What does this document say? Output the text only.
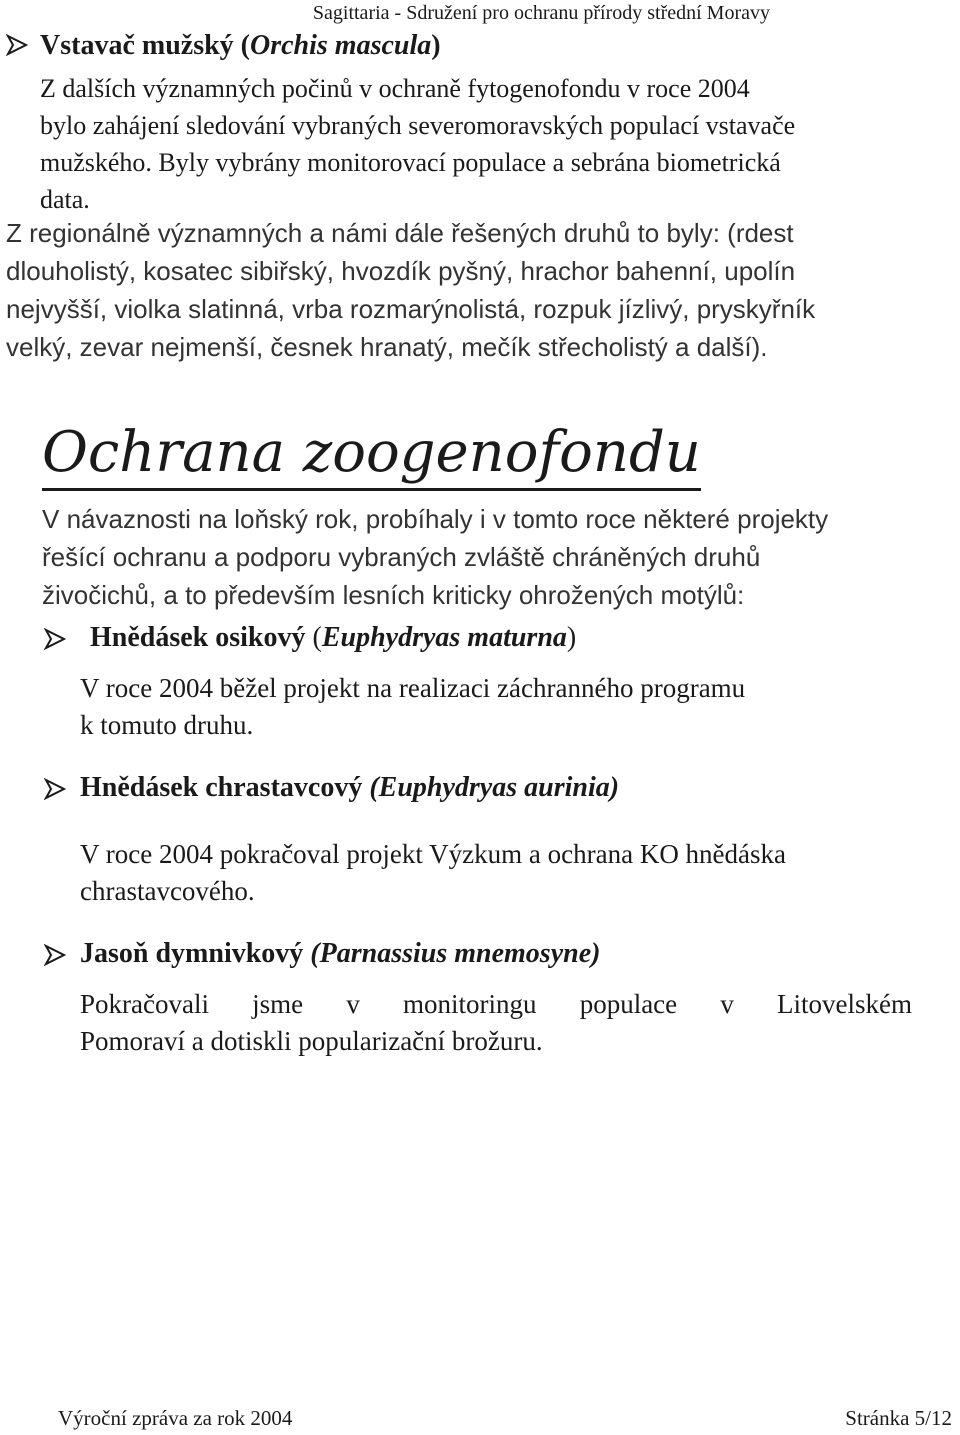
Sagittaria - Sdružení pro ochranu přírody střední Moravy
Vstavač mužský (Orchis mascula)
Z dalších významných počinů v ochraně fytogenofondu v roce 2004
bylo zahájení sledování vybraných severomoravských populací vstavače
mužského. Byly vybrány monitorovací populace a sebrána biometrická
data.
Z regionálně významných a námi dále řešených druhů to byly: (rdest
dlouholistý, kosatec sibiřský, hvozdík pyšný, hrachor bahenní, upolín
nejvyšší, violka slatinná, vrba rozmarýnolistá, rozpuk jízlivý, pryskyřník
velký, zevar nejmenší, česnek hranatý, mečík střecholistý a další).
Ochrana zoogenofondu
V návaznosti na loňský rok, probíhaly i v tomto roce některé projekty
řešící ochranu a podporu vybraných zvláště chráněných druhů
živočichů, a to především lesních kriticky ohrožených motýlů:
Hnědásek osikový (Euphydryas maturna)
V roce 2004 běžel projekt na realizaci záchranného programu
k tomuto druhu.
Hnědásek chrastavcový (Euphydryas aurinia)
V roce 2004 pokračoval projekt Výzkum a ochrana KO hnědáska
chrastavcového.
Jasoň dymnivkový (Parnassius mnemosyne)
Pokračovali jsme v monitoringu populace v Litovelském
Pomoraví a dotiskli popularizační brožuru.
Výroční zpráva za rok 2004	Stránka 5/12
